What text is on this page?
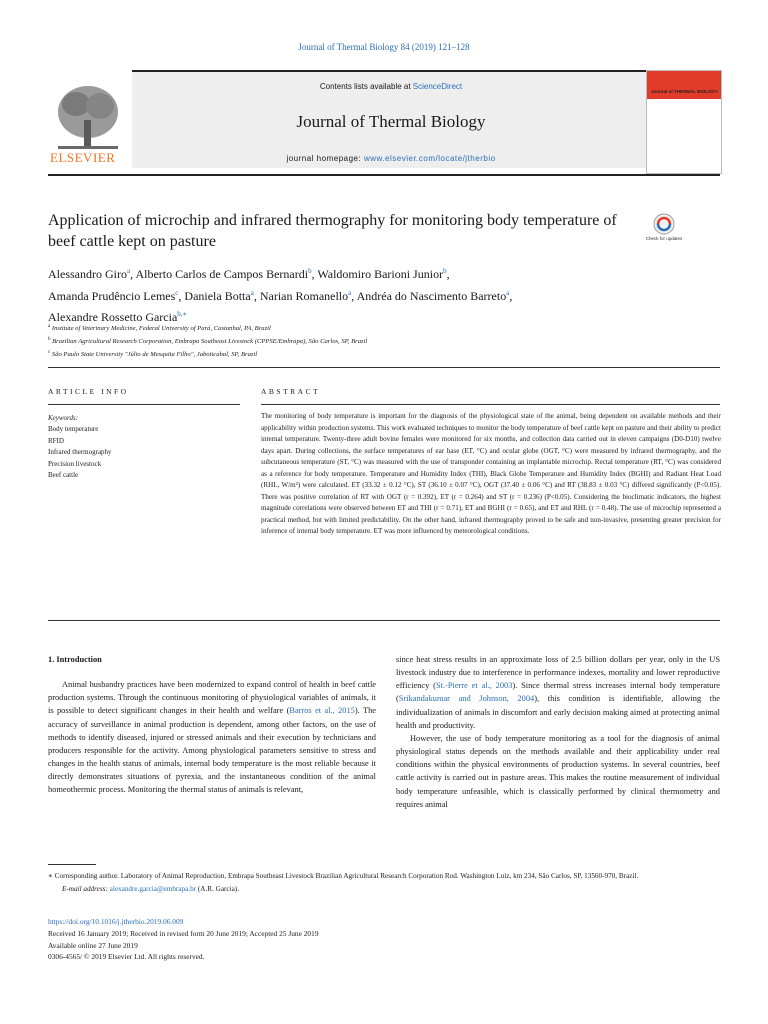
Journal of Thermal Biology 84 (2019) 121–128
ELSEVIER
Contents lists available at ScienceDirect
Journal of Thermal Biology
journal homepage: www.elsevier.com/locate/jtherbio
Journal of THERMAL BIOLOGY
Application of microchip and infrared thermography for monitoring body temperature of beef cattle kept on pasture	Check for updates
Alessandro Giro$^a$, Alberto Carlos de Campos Bernardi$^b$, Waldomiro Barioni Junior$^b$,
Amanda Prudêncio Lemes$^c$, Daniela Botta$^a$, Narian Romanello$^a$, Andréa do Nascimento Barreto$^a$,
Alexandre Rossetto Garcia$^{b,∗}$
$^a$ Institute of Veterinary Medicine, Federal University of Pará, Castanhal, PA, Brazil
$^b$ Brazilian Agricultural Research Corporation, Embrapa Southeast Livestock (CPPSE/Embrapa), São Carlos, SP, Brazil
$^c$ São Paulo State University "Júlio de Mesquita Filho", Jaboticabal, SP, Brazil
ARTICLE INFO	ABSTRACT
Keywords:
Body temperature
RFID
Infrared thermography
Precision livestock
Beef cattle
The monitoring of body temperature is important for the diagnosis of the physiological state of the animal, being dependent on available methods and their applicability within production systems. This work evaluated techniques to monitor the body temperature of beef cattle kept on pasture and their ability to predict internal temperature. Twenty-three adult bovine females were monitored for six months, and collection data carried out in eleven campaigns (D0-D10) twelve days apart. During collections, the surface temperatures of ear base (ET, °C) and ocular globe (OGT, °C) were measured by infrared thermography, and the subcutaneous temperature (ST, °C) was measured with the use of transponder containing an implantable microchip. Rectal temperature (RT, °C) was considered as a reference for body temperature. Temperature and Humidity Index (THI), Black Globe Temperature and Humidity Index (BGHI) and Radiant Heat Load (RHL, W/m²) were calculated. ET (33.32 ± 0.12 °C), ST (36.10 ± 0.07 °C), OGT (37.40 ± 0.06 °C) and RT (38.83 ± 0.03 °C) differed significantly (P<0.05). There was positive correlation of RT with OGT (r = 0.392), ET (r = 0.264) and ST (r = 0.236) (P<0.05). Considering the bioclimatic indicators, the highest magnitude correlations were observed between ET and THI (r = 0.71), ET and BGHI (r = 0.65), and ET and RHL (r = 0.48). The use of microchip represented a practical method, but with limited predictability. On the other hand, infrared thermography proved to be safe and non-invasive, presenting greater precision for inference of internal body temperature. ET was more influenced by meteorological conditions.
1. Introduction

Animal husbandry practices have been modernized to expand control of health in beef cattle production systems. Through the continuous monitoring of physiological variables of animals, it is possible to detect significant changes in their health and welfare (Barros et al., 2015). The accuracy of surveillance in animal production is dependent, among other factors, on the use of methods to identify diseased, injured or stressed animals and their execution by technicians and producers responsible for the activity. Among physiological parameters sensitive to stress and changes in the health status of animals, internal body temperature is the most reliable because it directly demonstrates situations of pyrexia, and the instantaneous condition of the animal homeothermic process. Monitoring the thermal status of animals is relevant,

since heat stress results in an approximate loss of 2.5 billion dollars per year, only in the US livestock industry due to interference in performance indexes, mortality and lower reproductive efficiency (St.-Pierre et al., 2003). Since thermal stress increases internal body temperature (Srikandakumar and Johnson, 2004), this condition is identifiable, allowing the individualization of animals in discomfort and early decision making aimed at protecting animal health and productivity.

However, the use of body temperature monitoring as a tool for the diagnosis of animal physiological status depends on the methods available and their applicability under real conditions within the physical environments of production systems. In several countries, beef cattle activity is carried out in pasture areas. This makes the routine measurement of individual body temperature unfeasible, which is classically performed by clinical thermometry and requires animal

∗ Corresponding author. Laboratory of Animal Reproduction, Embrapa Southeast Livestock Brazilian Agricultural Research Corporation Rod. Washington Luiz, km 234, São Carlos, SP, 13560-970, Brazil.
E-mail address: alexandre.garcia@embrapa.br (A.R. Garcia).
https://doi.org/10.1016/j.jtherbio.2019.06.009
Received 16 January 2019; Received in revised form 20 June 2019; Accepted 25 June 2019
Available online 27 June 2019
0306-4565/ © 2019 Elsevier Ltd. All rights reserved.
